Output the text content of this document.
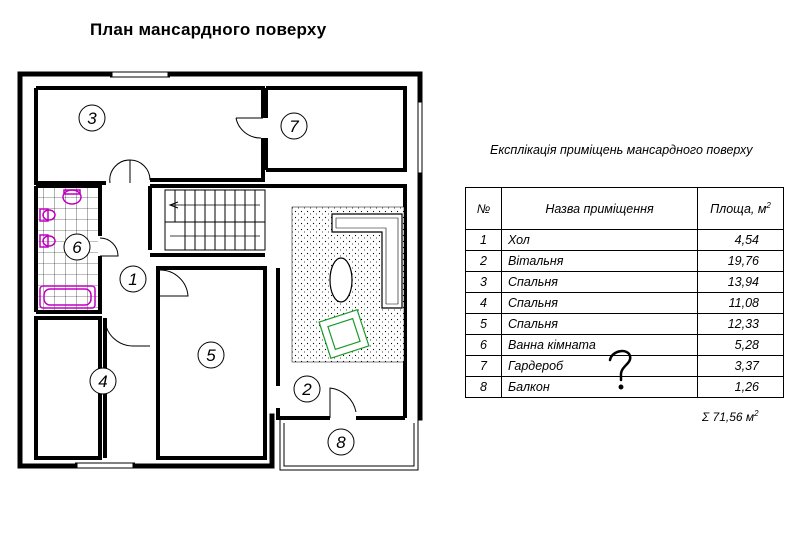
План мансардного поверху
3	7
6
1
5
4	2
8
Експлікація приміщень мансардного поверху
№	Назва приміщення	Площа, $м^2$
1	Хол	4,54
2	Вітальня	19,76
3	Спальня	13,94
4	Спальня	11,08
5	Спальня	12,33
6	Ванна кімната	5,28
7	Гардероб	3,37
8	Балкон	1,26
Σ 71,56 $м^2$
